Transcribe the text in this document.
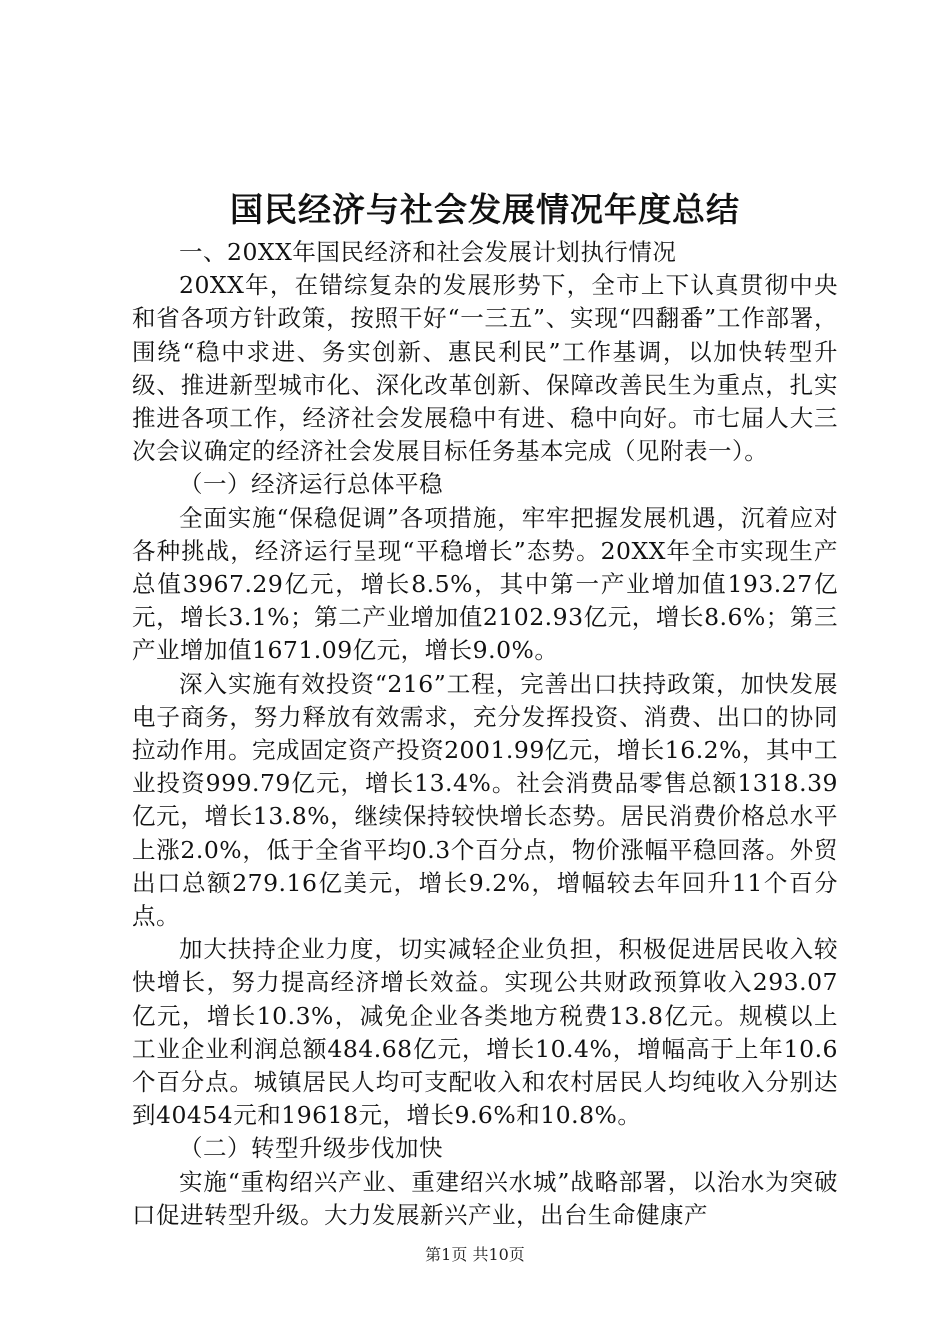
国民经济与社会发展情况年度总结

一、20XX年国民经济和社会发展计划执行情况

20XX年，在错综复杂的发展形势下，全市上下认真贯彻中央和省各项方针政策，按照干好“一三五”、实现“四翻番”工作部署，围绕“稳中求进、务实创新、惠民利民”工作基调，以加快转型升级、推进新型城市化、深化改革创新、保障改善民生为重点，扎实推进各项工作，经济社会发展稳中有进、稳中向好。市七届人大三次会议确定的经济社会发展目标任务基本完成（见附表一）。

（一）经济运行总体平稳

全面实施“保稳促调”各项措施，牢牢把握发展机遇，沉着应对各种挑战，经济运行呈现“平稳增长”态势。20XX年全市实现生产总值3967.29亿元，增长8.5%，其中第一产业增加值193.27亿元，增长3.1%；第二产业增加值2102.93亿元，增长8.6%；第三产业增加值1671.09亿元，增长9.0%。

深入实施有效投资“216”工程，完善出口扶持政策，加快发展电子商务，努力释放有效需求，充分发挥投资、消费、出口的协同拉动作用。完成固定资产投资2001.99亿元，增长16.2%，其中工业投资999.79亿元，增长13.4%。社会消费品零售总额1318.39亿元，增长13.8%，继续保持较快增长态势。居民消费价格总水平上涨2.0%，低于全省平均0.3个百分点，物价涨幅平稳回落。外贸出口总额279.16亿美元，增长9.2%，增幅较去年回升11个百分点。

加大扶持企业力度，切实减轻企业负担，积极促进居民收入较快增长，努力提高经济增长效益。实现公共财政预算收入293.07亿元，增长10.3%，减免企业各类地方税费13.8亿元。规模以上工业企业利润总额484.68亿元，增长10.4%，增幅高于上年10.6个百分点。城镇居民人均可支配收入和农村居民人均纯收入分别达到40454元和19618元，增长9.6%和10.8%。

（二）转型升级步伐加快

实施“重构绍兴产业、重建绍兴水城”战略部署，以治水为突破口促进转型升级。大力发展新兴产业，出台生命健康产

第1页 共10页
